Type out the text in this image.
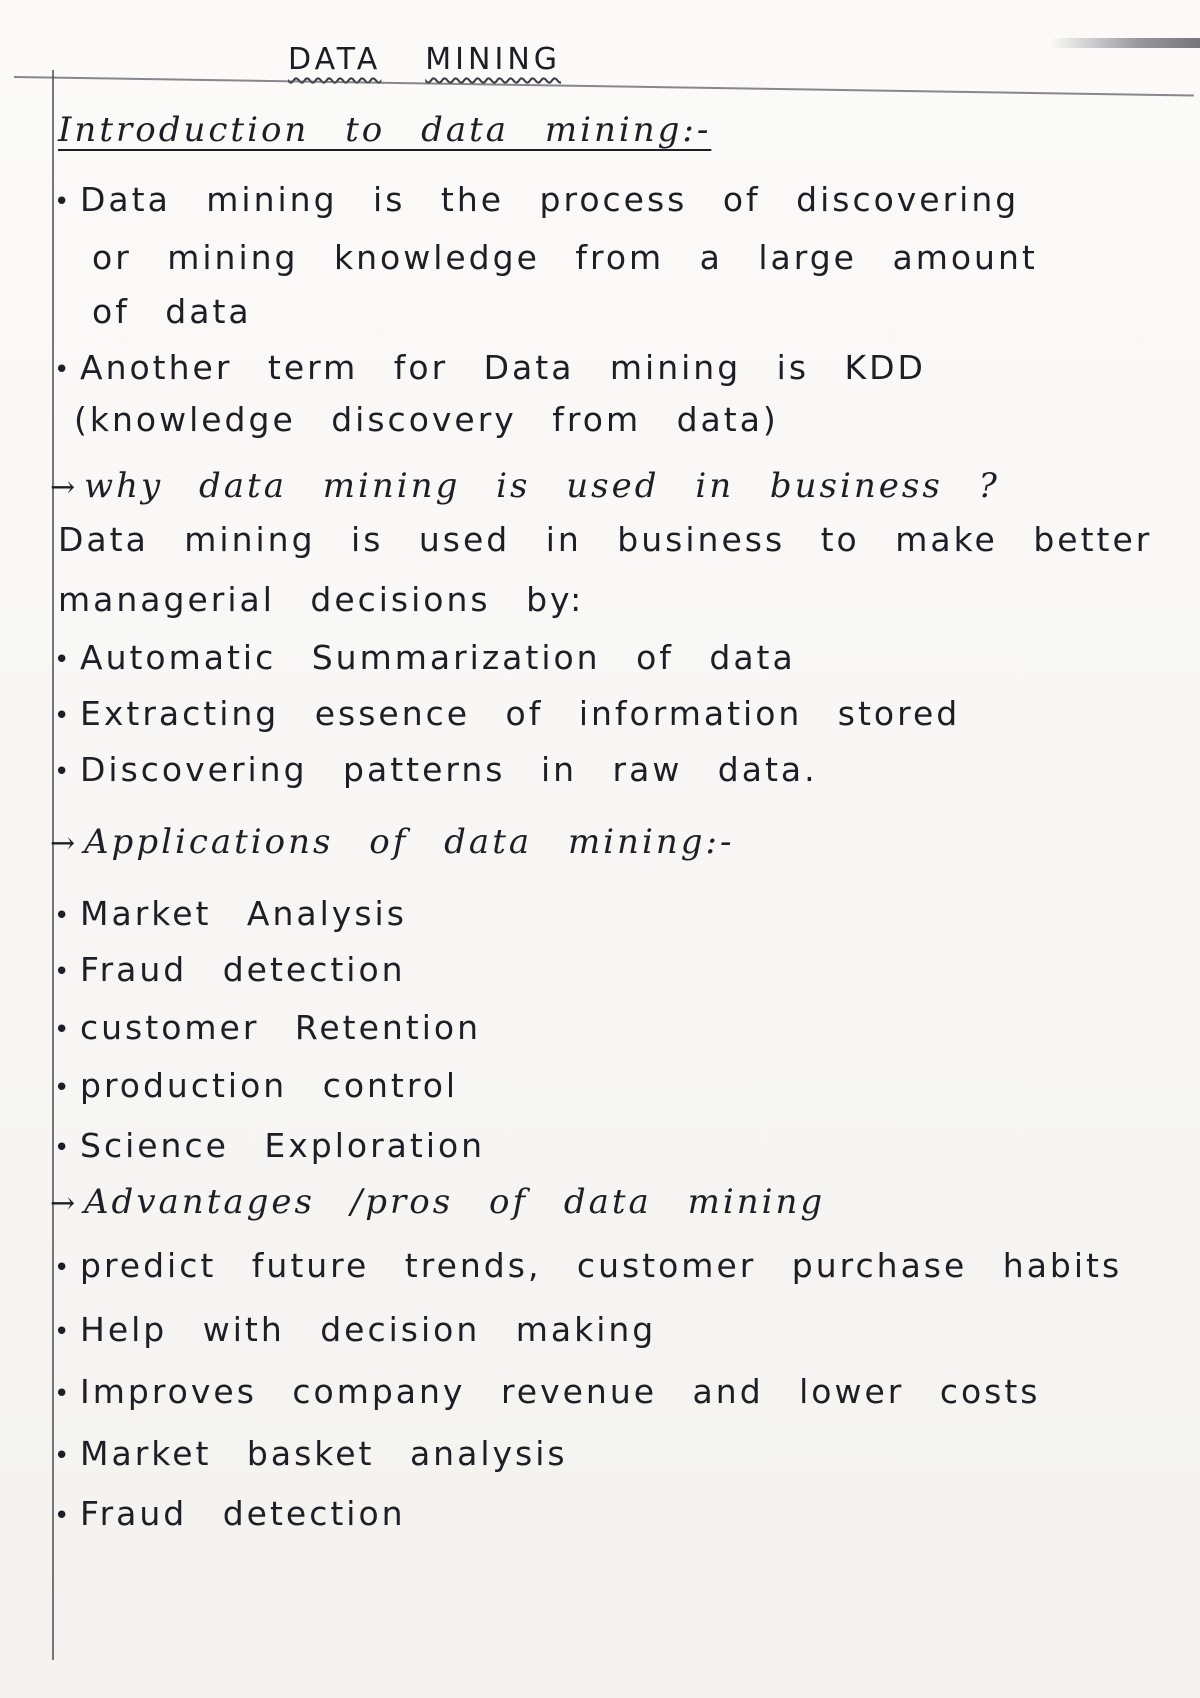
DATA MINING
Introduction to data mining:-
• Data mining is the process of discovering
or mining knowledge from a large amount
of data
• Another term for Data mining is KDD
(knowledge discovery from data)
→ why data mining is used in business ?
Data mining is used in business to make better
managerial decisions by:
• Automatic Summarization of data
• Extracting essence of information stored
• Discovering patterns in raw data.
→ Applications of data mining:-
• Market Analysis
• Fraud detection
• customer Retention
• production control
• Science Exploration
→ Advantages /pros of data mining
• predict future trends, customer purchase habits
• Help with decision making
• Improves company revenue and lower costs
• Market basket analysis
• Fraud detection
